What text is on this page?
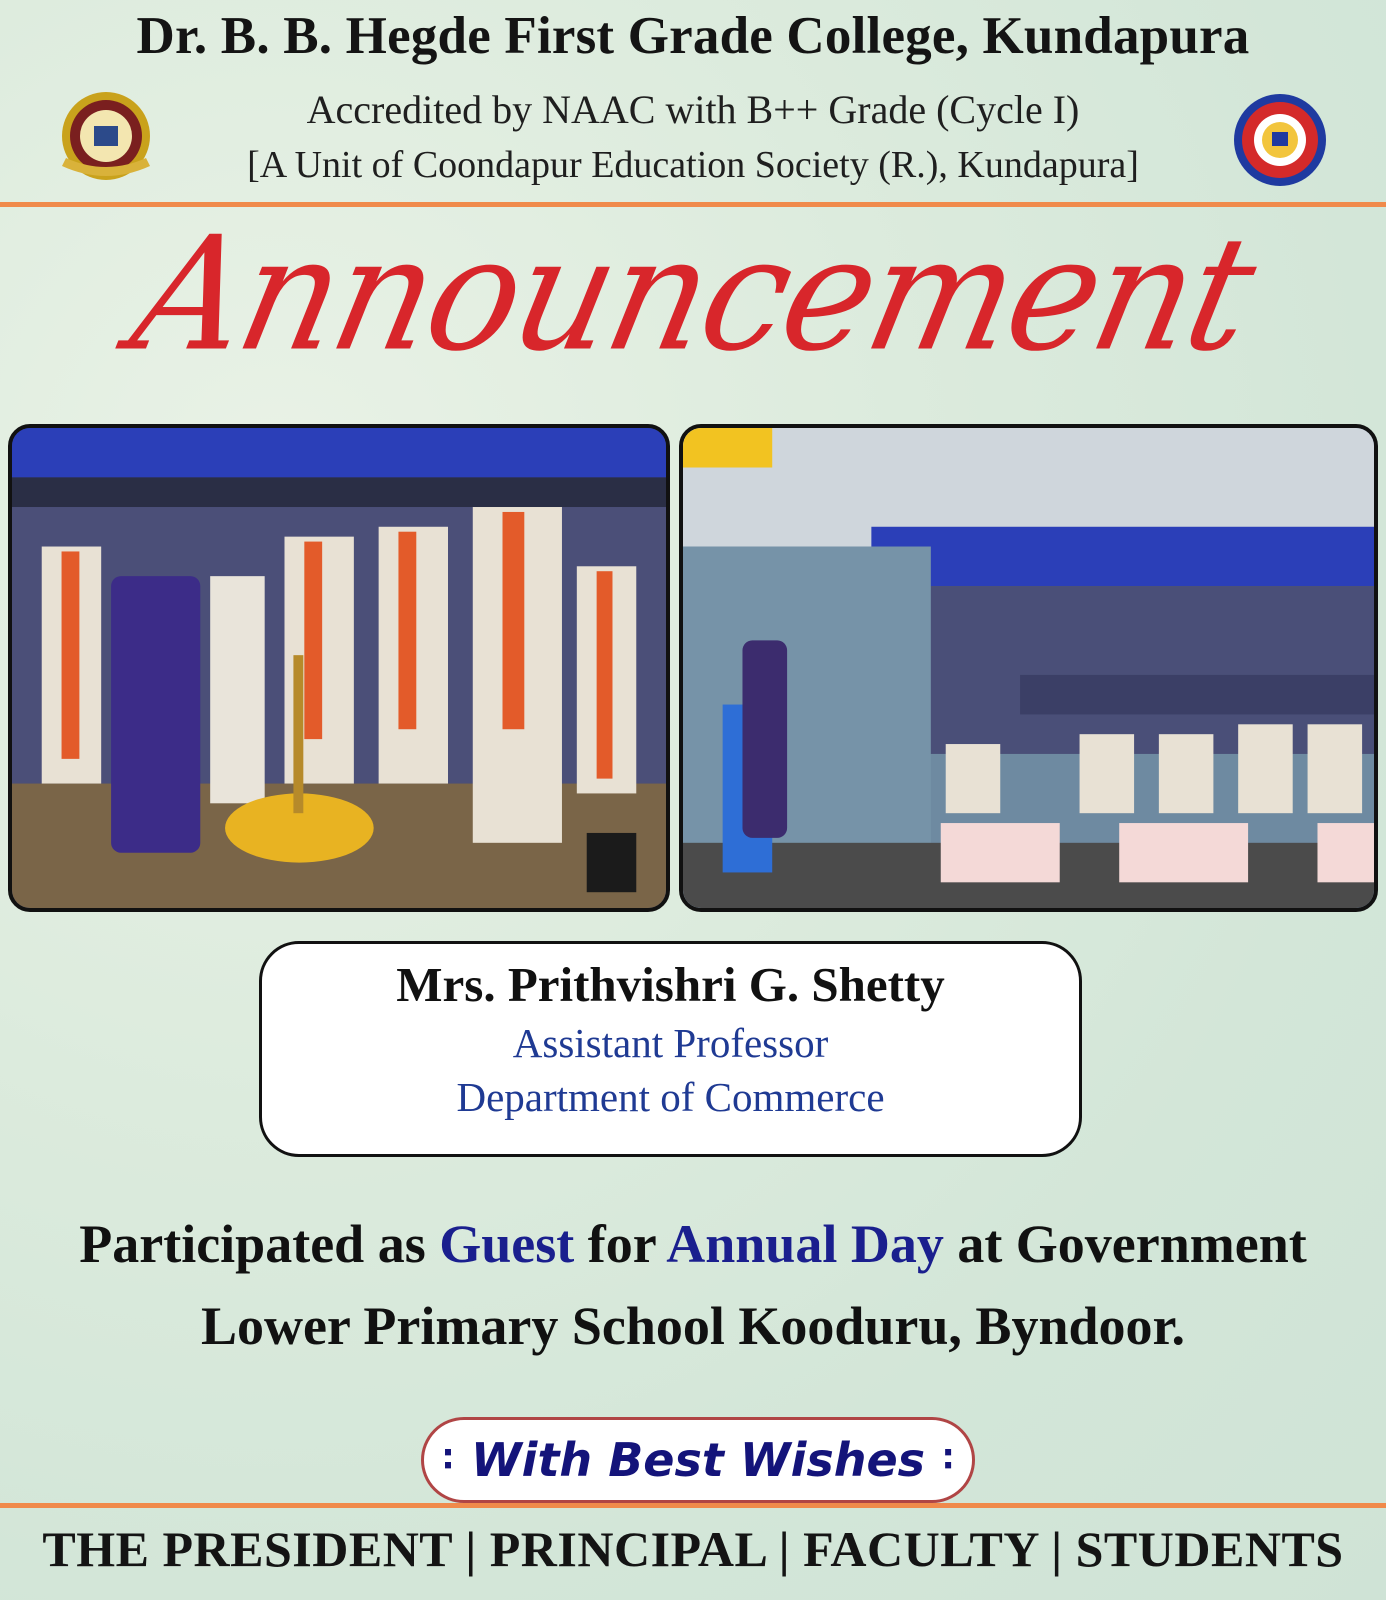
Dr. B. B. Hegde First Grade College, Kundapura
Accredited by NAAC with B++ Grade (Cycle I)
[A Unit of Coondapur Education Society (R.), Kundapura]
Announcement
Mrs. Prithvishri G. Shetty
Assistant Professor
Department of Commerce
Participated as Guest for Annual Day at Government
Lower Primary School Kooduru, Byndoor.
∶ With Best Wishes ∶
THE PRESIDENT | PRINCIPAL | FACULTY | STUDENTS
